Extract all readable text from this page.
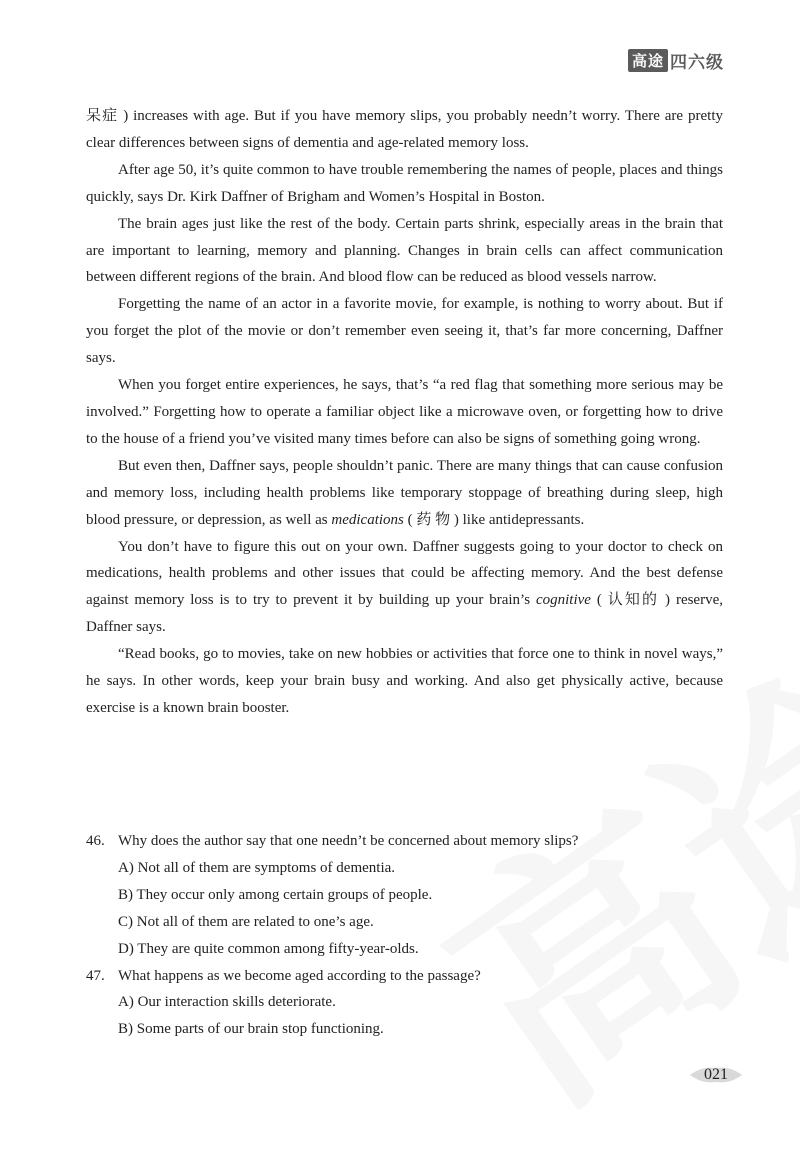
高途 四六级

呆症 ) increases with age. But if you have memory slips, you probably needn’t worry. There are pretty clear differences between signs of dementia and age-related memory loss.

After age 50, it’s quite common to have trouble remembering the names of people, places and things quickly, says Dr. Kirk Daffner of Brigham and Women’s Hospital in Boston.

The brain ages just like the rest of the body. Certain parts shrink, especially areas in the brain that are important to learning, memory and planning. Changes in brain cells can affect communication between different regions of the brain. And blood flow can be reduced as blood vessels narrow.

Forgetting the name of an actor in a favorite movie, for example, is nothing to worry about. But if you forget the plot of the movie or don’t remember even seeing it, that’s far more concerning, Daffner says.

When you forget entire experiences, he says, that’s “a red flag that something more serious may be involved.” Forgetting how to operate a familiar object like a microwave oven, or forgetting how to drive to the house of a friend you’ve visited many times before can also be signs of something going wrong.

But even then, Daffner says, people shouldn’t panic. There are many things that can cause confusion and memory loss, including health problems like temporary stoppage of breathing during sleep, high blood pressure, or depression, as well as medications ( 药 物 ) like antidepressants.

You don’t have to figure this out on your own. Daffner suggests going to your doctor to check on medications, health problems and other issues that could be affecting memory. And the best defense against memory loss is to try to prevent it by building up your brain’s cognitive ( 认知的 ) reserve, Daffner says.

“Read books, go to movies, take on new hobbies or activities that force one to think in novel ways,” he says. In other words, keep your brain busy and working. And also get physically active, because exercise is a known brain booster.

46. Why does the author say that one needn’t be concerned about memory slips?
A) Not all of them are symptoms of dementia.
B) They occur only among certain groups of people.
C) Not all of them are related to one’s age.
D) They are quite common among fifty-year-olds.
47. What happens as we become aged according to the passage?
A) Our interaction skills deteriorate.
B) Some parts of our brain stop functioning.
021
